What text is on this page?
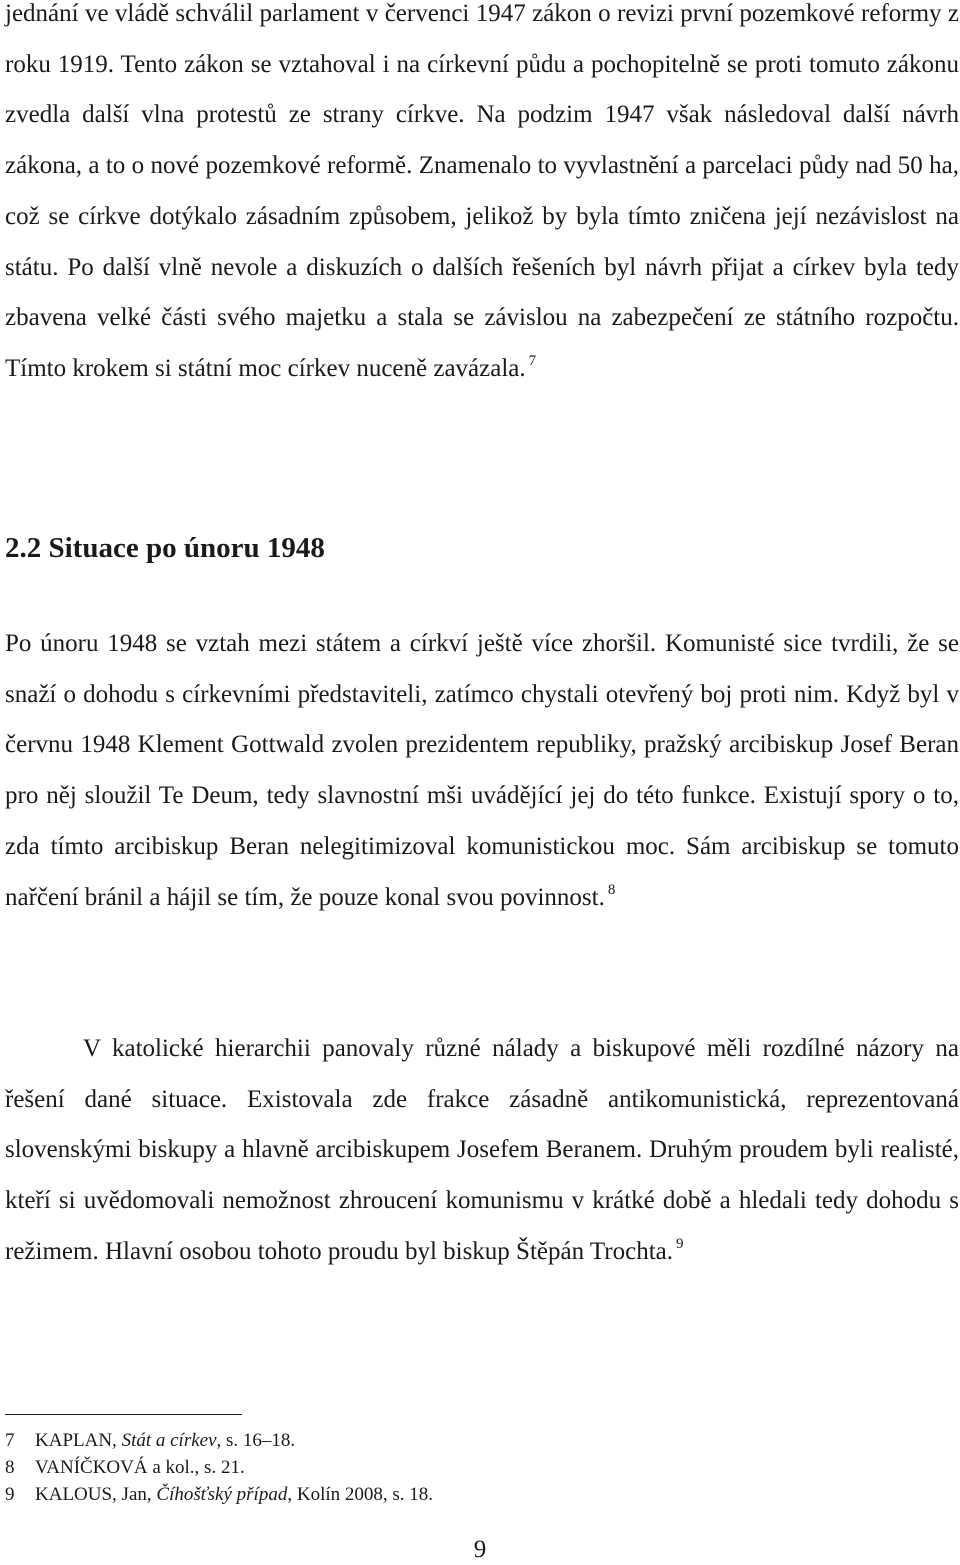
jednání ve vládě schválil parlament v červenci 1947 zákon o revizi první pozemkové reformy z roku 1919. Tento zákon se vztahoval i na církevní půdu a pochopitelně se proti tomuto zákonu zvedla další vlna protestů ze strany církve. Na podzim 1947 však následoval další návrh zákona, a to o nové pozemkové reformě. Znamenalo to vyvlastnění a parcelaci půdy nad 50 ha, což se církve dotýkalo zásadním způsobem, jelikož by byla tímto zničena její nezávislost na státu. Po další vlně nevole a diskuzích o dalších řešeních byl návrh přijat a církev byla tedy zbavena velké části svého majetku a stala se závislou na zabezpečení ze státního rozpočtu. Tímto krokem si státní moc církev nuceně zavázala. $^7$

2.2 Situace po únoru 1948

Po únoru 1948 se vztah mezi státem a církví ještě více zhoršil. Komunisté sice tvrdili, že se snaží o dohodu s církevními představiteli, zatímco chystali otevřený boj proti nim. Když byl v červnu 1948 Klement Gottwald zvolen prezidentem republiky, pražský arcibiskup Josef Beran pro něj sloužil Te Deum, tedy slavnostní mši uvádějící jej do této funkce. Existují spory o to, zda tímto arcibiskup Beran nelegitimizoval komunistickou moc. Sám arcibiskup se tomuto nařčení bránil a hájil se tím, že pouze konal svou povinnost. $^8$

V katolické hierarchii panovaly různé nálady a biskupové měli rozdílné názory na řešení dané situace. Existovala zde frakce zásadně antikomunistická, reprezentovaná slovenskými biskupy a hlavně arcibiskupem Josefem Beranem. Druhým proudem byli realisté, kteří si uvědomovali nemožnost zhroucení komunismu v krátké době a hledali tedy dohodu s režimem. Hlavní osobou tohoto proudu byl biskup Štěpán Trochta. $^9$

7 KAPLAN, Stát a církev, s. 16–18.
8 VANÍČKOVÁ a kol., s. 21.
9 KALOUS, Jan, Číhošťský případ, Kolín 2008, s. 18.
9
